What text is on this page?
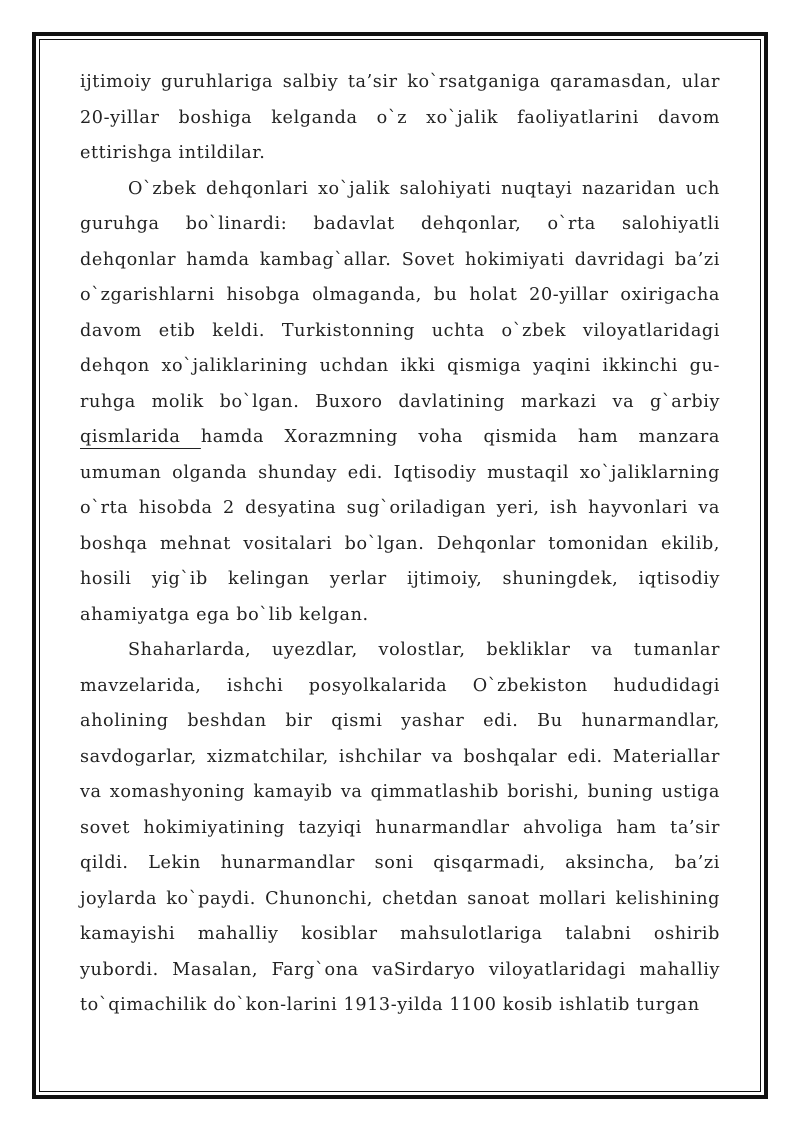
ijtimoiy guruhlariga salbiy ta’sir ko`rsatganiga qaramasdan, ular 20-yillar boshiga kelganda o`z xo`jalik faoliyatlarini davom ettirishga intildilar.

O`zbek dehqonlari xo`jalik salohiyati nuqtayi nazaridan uch guruhga bo`linardi: badavlat dehqonlar, o`rta salohiyatli dehqonlar hamda kambag`allar. Sovet hokimiyati davridagi ba’zi o`zgarishlarni hisobga olmaganda, bu holat 20-yillar oxirigacha davom etib keldi. Turkistonning uchta o`zbek viloyatlaridagi dehqon xo`jaliklarining uchdan ikki qismiga yaqini ikkinchi gu-ruhga molik bo`lgan. Buxoro davlatining markazi va g`arbiy qismlarida hamda Xorazmning voha qismida ham manzara umuman olganda shunday edi. Iqtisodiy mustaqil xo`jaliklarning o`rta hisobda 2 desyatina sug`oriladigan yeri, ish hayvonlari va boshqa mehnat vositalari bo`lgan. Dehqonlar tomonidan ekilib, hosili yig`ib kelingan yerlar ijtimoiy, shuningdek, iqtisodiy ahamiyatga ega bo`lib kelgan.

Shaharlarda, uyezdlar, volostlar, bekliklar va tumanlar mavzelarida, ishchi posyolkalarida O`zbekiston hududidagi aholining beshdan bir qismi yashar edi. Bu hunarmandlar, savdogarlar, xizmatchilar, ishchilar va boshqalar edi. Materiallar va xomashyoning kamayib va qimmatlashib borishi, buning ustiga sovet hokimiyatining tazyiqi hunarmandlar ahvoliga ham ta’sir qildi. Lekin hunarmandlar soni qisqarmadi, aksincha, ba’zi joylarda ko`paydi. Chunonchi, chetdan sanoat mollari kelishining kamayishi mahalliy kosiblar mahsulotlariga talabni oshirib yubordi. Masalan, Farg`ona vaSirdaryo viloyatlaridagi mahalliy to`qimachilik do`kon-larini 1913-yilda 1100 kosib ishlatib turgan
